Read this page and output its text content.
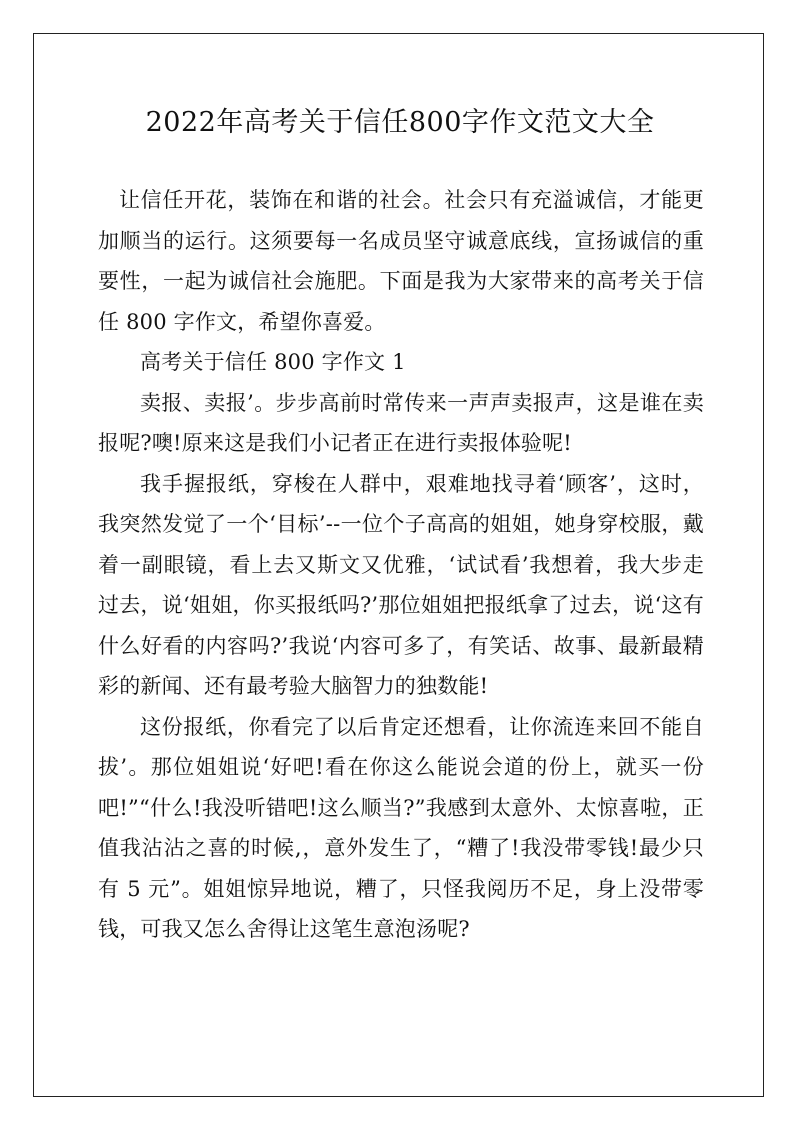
2022年高考关于信任800字作文范文大全

让信任开花，装饰在和谐的社会。社会只有充溢诚信，才能更加顺当的运行。这须要每一名成员坚守诚意底线，宣扬诚信的重要性，一起为诚信社会施肥。下面是我为大家带来的高考关于信任 800 字作文，希望你喜爱。

高考关于信任 800 字作文 1

卖报、卖报’。步步高前时常传来一声声卖报声，这是谁在卖报呢?噢!原来这是我们小记者正在进行卖报体验呢!

我手握报纸，穿梭在人群中，艰难地找寻着‘顾客’，这时，我突然发觉了一个‘目标’--一位个子高高的姐姐，她身穿校服，戴着一副眼镜，看上去又斯文又优雅，‘试试看’我想着，我大步走过去，说‘姐姐，你买报纸吗?’那位姐姐把报纸拿了过去，说‘这有什么好看的内容吗?’我说‘内容可多了，有笑话、故事、最新最精彩的新闻、还有最考验大脑智力的独数能!

这份报纸，你看完了以后肯定还想看，让你流连来回不能自拔’。那位姐姐说‘好吧!看在你这么能说会道的份上，就买一份吧!”“什么!我没听错吧!这么顺当?”我感到太意外、太惊喜啦，正值我沾沾之喜的时候,，意外发生了，“糟了!我没带零钱!最少只有 5 元”。姐姐惊异地说，糟了，只怪我阅历不足，身上没带零钱，可我又怎么舍得让这笔生意泡汤呢?
